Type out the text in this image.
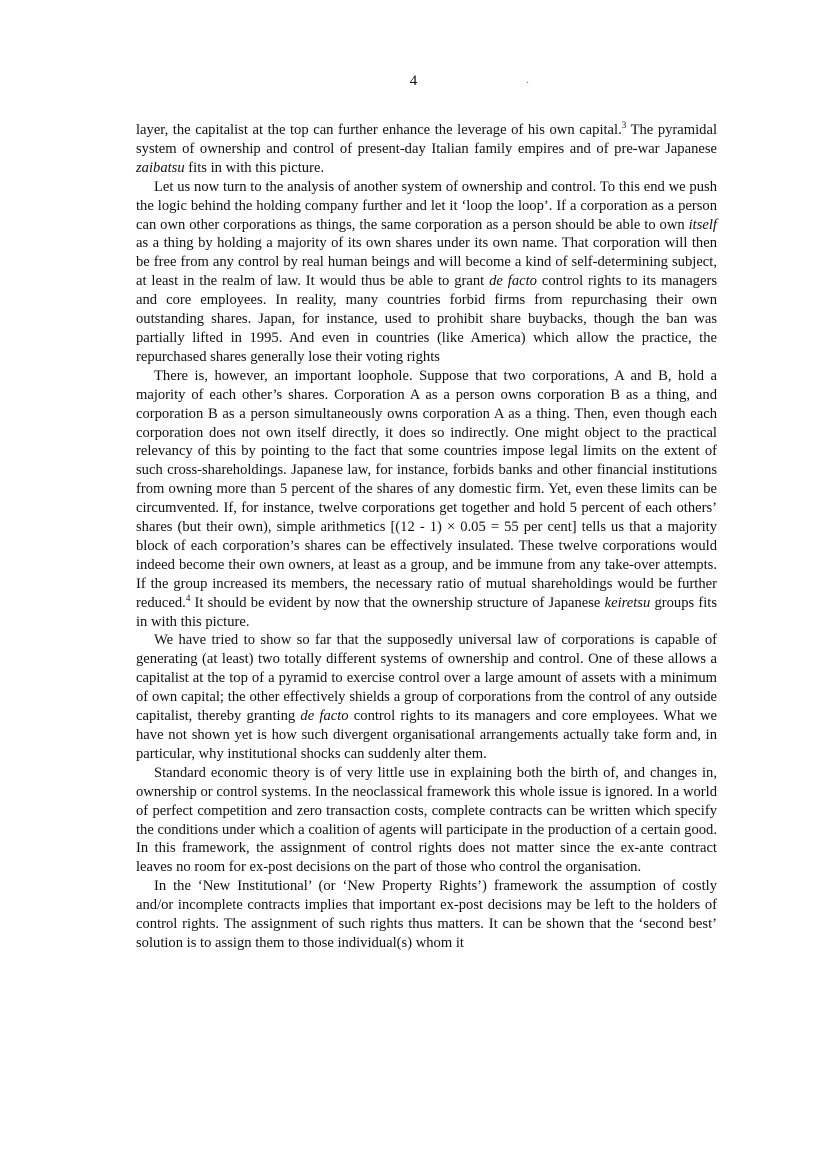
4	.

layer, the capitalist at the top can further enhance the leverage of his own capital.$^3$ The pyramidal system of ownership and control of present-day Italian family empires and of pre-war Japanese zaibatsu fits in with this picture.

Let us now turn to the analysis of another system of ownership and control. To this end we push the logic behind the holding company further and let it ‘loop the loop’. If a corporation as a person can own other corporations as things, the same corporation as a person should be able to own itself as a thing by holding a majority of its own shares under its own name. That corporation will then be free from any control by real human beings and will become a kind of self-determining subject, at least in the realm of law. It would thus be able to grant de facto control rights to its managers and core employees. In reality, many countries forbid firms from repurchasing their own outstanding shares. Japan, for instance, used to prohibit share buybacks, though the ban was partially lifted in 1995. And even in countries (like America) which allow the practice, the repurchased shares generally lose their voting rights

There is, however, an important loophole. Suppose that two corporations, A and B, hold a majority of each other’s shares. Corporation A as a person owns corporation B as a thing, and corporation B as a person simultaneously owns corporation A as a thing. Then, even though each corporation does not own itself directly, it does so indirectly. One might object to the practical relevancy of this by pointing to the fact that some countries impose legal limits on the extent of such cross-shareholdings. Japanese law, for instance, forbids banks and other financial institutions from owning more than 5 percent of the shares of any domestic firm. Yet, even these limits can be circumvented. If, for instance, twelve corporations get together and hold 5 percent of each others’ shares (but their own), simple arithmetics [(12 - 1) × 0.05 = 55 per cent] tells us that a majority block of each corporation’s shares can be effectively insulated. These twelve corporations would indeed become their own owners, at least as a group, and be immune from any take-over attempts. If the group increased its members, the necessary ratio of mutual shareholdings would be further reduced.$^4$ It should be evident by now that the ownership structure of Japanese keiretsu groups fits in with this picture.

We have tried to show so far that the supposedly universal law of corporations is capable of generating (at least) two totally different systems of ownership and control. One of these allows a capitalist at the top of a pyramid to exercise control over a large amount of assets with a minimum of own capital; the other effectively shields a group of corporations from the control of any outside capitalist, thereby granting de facto control rights to its managers and core employees. What we have not shown yet is how such divergent organisational arrangements actually take form and, in particular, why institutional shocks can suddenly alter them.

Standard economic theory is of very little use in explaining both the birth of, and changes in, ownership or control systems. In the neoclassical framework this whole issue is ignored. In a world of perfect competition and zero transaction costs, complete contracts can be written which specify the conditions under which a coalition of agents will participate in the production of a certain good. In this framework, the assignment of control rights does not matter since the ex-ante contract leaves no room for ex-post decisions on the part of those who control the organisation.

In the ‘New Institutional’ (or ‘New Property Rights’) framework the assumption of costly and/or incomplete contracts implies that important ex-post decisions may be left to the holders of control rights. The assignment of such rights thus matters. It can be shown that the ‘second best’ solution is to assign them to those individual(s) whom it
